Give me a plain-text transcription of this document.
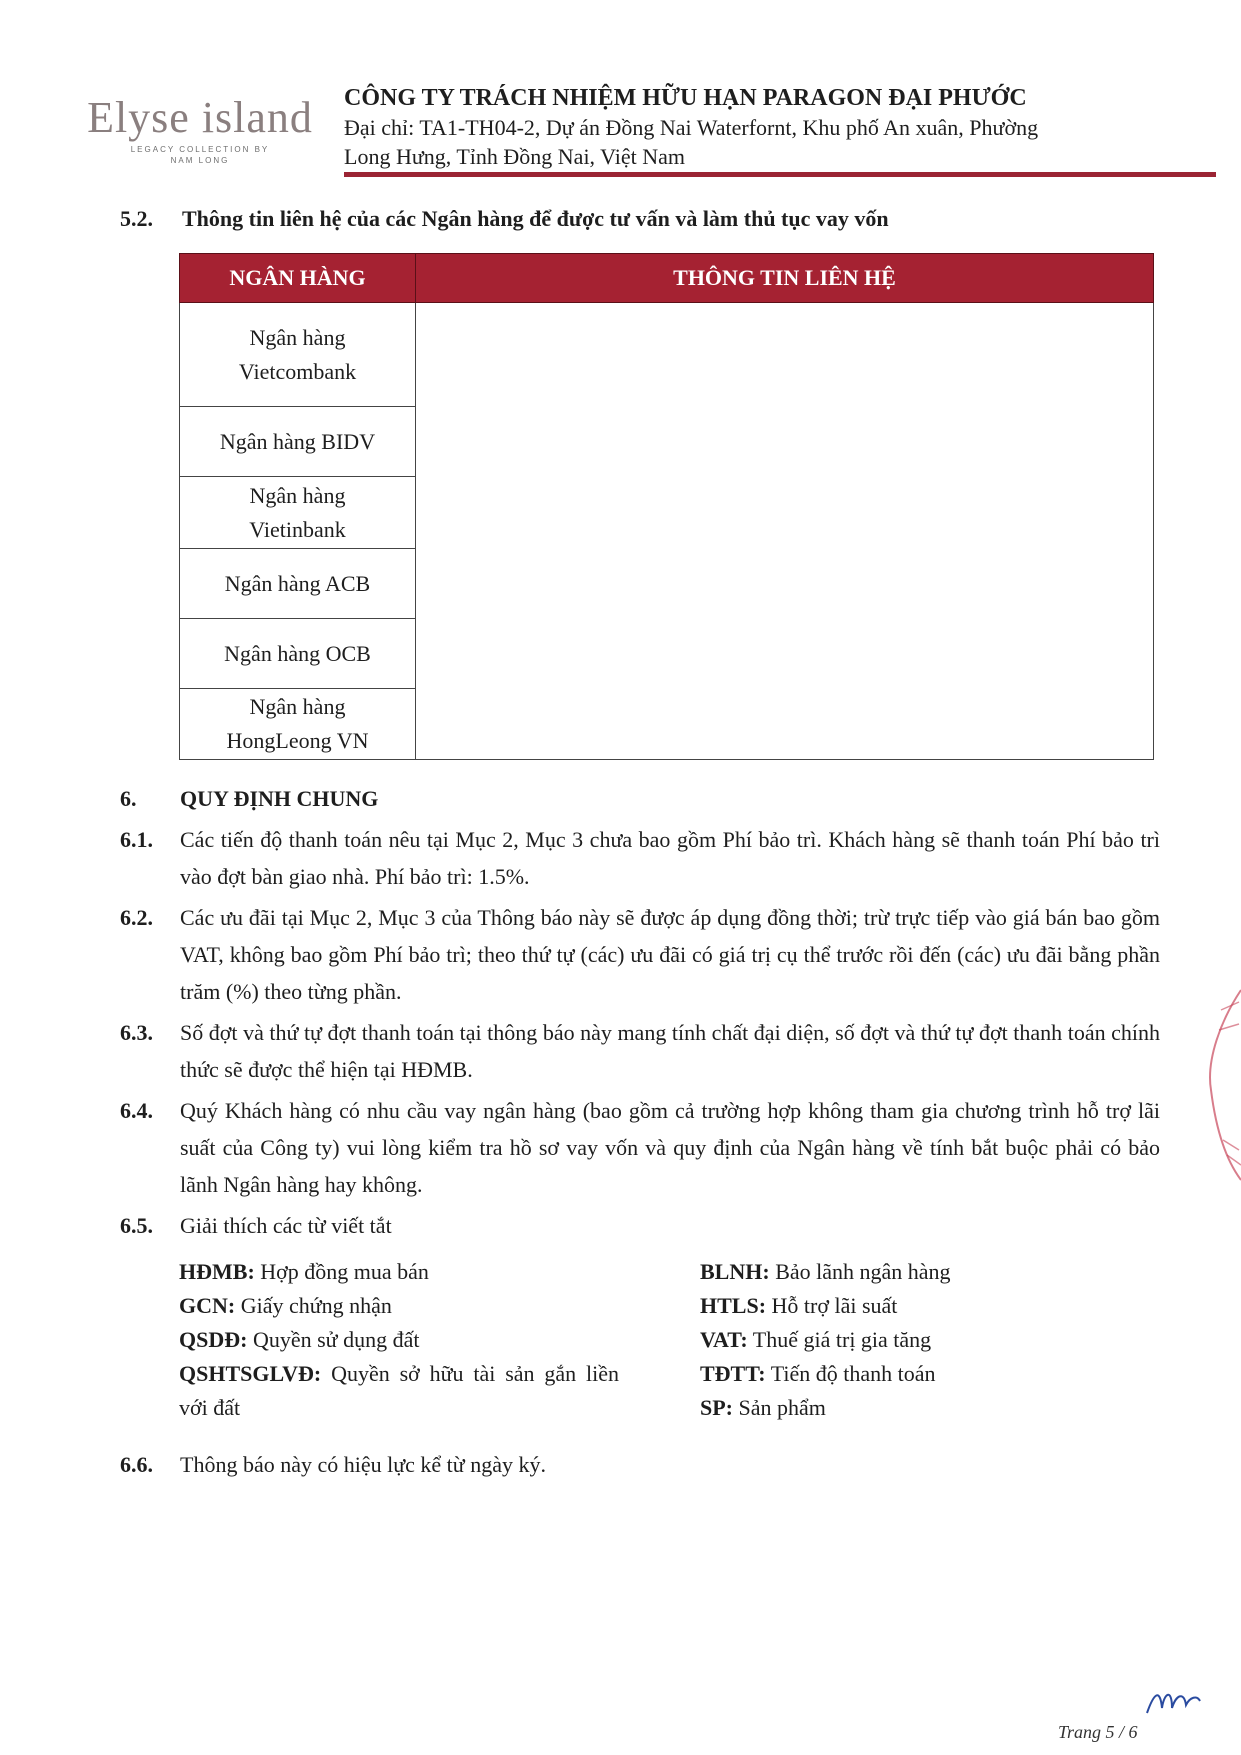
Elyse island
LEGACY COLLECTION BY
NAM LONG
CÔNG TY TRÁCH NHIỆM HỮU HẠN PARAGON ĐẠI PHƯỚC
Đại chỉ: TA1-TH04-2, Dự án Đồng Nai Waterfornt, Khu phố An xuân, Phường
Long Hưng, Tỉnh Đồng Nai, Việt Nam
5.2. Thông tin liên hệ của các Ngân hàng để được tư vấn và làm thủ tục vay vốn
NGÂN HÀNG	THÔNG TIN LIÊN HỆ
Ngân hàng Vietcombank	
Ngân hàng BIDV	
Ngân hàng Vietinbank	
Ngân hàng ACB	
Ngân hàng OCB	
Ngân hàng HongLeong VN	
6.	QUY ĐỊNH CHUNG
6.1.	Các tiến độ thanh toán nêu tại Mục 2, Mục 3 chưa bao gồm Phí bảo trì. Khách hàng sẽ thanh toán Phí bảo trì vào đợt bàn giao nhà. Phí bảo trì: 1.5%.
6.2.	Các ưu đãi tại Mục 2, Mục 3 của Thông báo này sẽ được áp dụng đồng thời; trừ trực tiếp vào giá bán bao gồm VAT, không bao gồm Phí bảo trì; theo thứ tự (các) ưu đãi có giá trị cụ thể trước rồi đến (các) ưu đãi bằng phần trăm (%) theo từng phần.
6.3.	Số đợt và thứ tự đợt thanh toán tại thông báo này mang tính chất đại diện, số đợt và thứ tự đợt thanh toán chính thức sẽ được thể hiện tại HĐMB.
6.4.	Quý Khách hàng có nhu cầu vay ngân hàng (bao gồm cả trường hợp không tham gia chương trình hỗ trợ lãi suất của Công ty) vui lòng kiểm tra hồ sơ vay vốn và quy định của Ngân hàng về tính bắt buộc phải có bảo lãnh Ngân hàng hay không.
6.5.	Giải thích các từ viết tắt
HĐMB: Hợp đồng mua bán
GCN: Giấy chứng nhận
QSDĐ: Quyền sử dụng đất
QSHTSGLVĐ: Quyền sở hữu tài sản gắn liền với đất
BLNH: Bảo lãnh ngân hàng
HTLS: Hỗ trợ lãi suất
VAT: Thuế giá trị gia tăng
TĐTT: Tiến độ thanh toán
SP: Sản phẩm
6.6.	Thông báo này có hiệu lực kể từ ngày ký.
Trang 5 / 6
